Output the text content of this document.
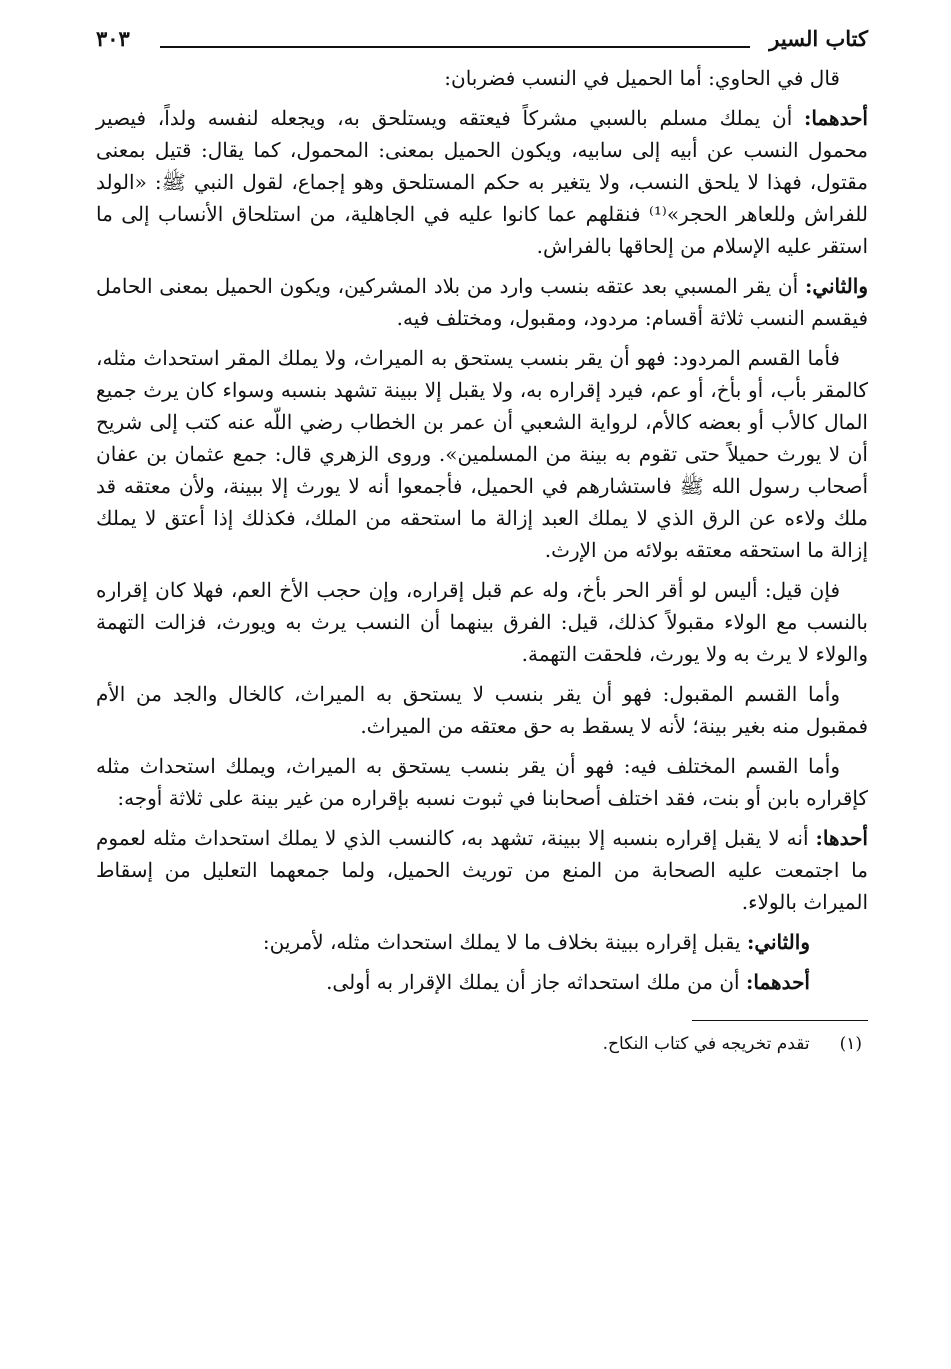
كتاب السير
٣٠٣

قال في الحاوي: أما الحميل في النسب فضربان:

أحدهما: أن يملك مسلم بالسبي مشركاً فيعتقه ويستلحق به، ويجعله لنفسه ولداً، فيصير محمول النسب عن أبيه إلى سابيه، ويكون الحميل بمعنى: المحمول، كما يقال: قتيل بمعنى مقتول، فهذا لا يلحق النسب، ولا يتغير به حكم المستلحق وهو إجماع، لقول النبي ﷺ: «الولد للفراش وللعاهر الحجر»⁽¹⁾ فنقلهم عما كانوا عليه في الجاهلية، من استلحاق الأنساب إلى ما استقر عليه الإسلام من إلحاقها بالفراش.

والثاني: أن يقر المسبي بعد عتقه بنسب وارد من بلاد المشركين، ويكون الحميل بمعنى الحامل فيقسم النسب ثلاثة أقسام: مردود، ومقبول، ومختلف فيه.

فأما القسم المردود: فهو أن يقر بنسب يستحق به الميراث، ولا يملك المقر استحداث مثله، كالمقر بأب، أو بأخ، أو عم، فيرد إقراره به، ولا يقبل إلا ببينة تشهد بنسبه وسواء كان يرث جميع المال كالأب أو بعضه كالأم، لرواية الشعبي أن عمر بن الخطاب رضي اللّه عنه كتب إلى شريح أن لا يورث حميلاً حتى تقوم به بينة من المسلمين». وروى الزهري قال: جمع عثمان بن عفان أصحاب رسول الله ﷺ فاستشارهم في الحميل، فأجمعوا أنه لا يورث إلا ببينة، ولأن معتقه قد ملك ولاءه عن الرق الذي لا يملك العبد إزالة ما استحقه من الملك، فكذلك إذا أعتق لا يملك إزالة ما استحقه معتقه بولائه من الإرث.

فإن قيل: أليس لو أقر الحر بأخ، وله عم قبل إقراره، وإن حجب الأخ العم، فهلا كان إقراره بالنسب مع الولاء مقبولاً كذلك، قيل: الفرق بينهما أن النسب يرث به ويورث، فزالت التهمة والولاء لا يرث به ولا يورث، فلحقت التهمة.

وأما القسم المقبول: فهو أن يقر بنسب لا يستحق به الميراث، كالخال والجد من الأم فمقبول منه بغير بينة؛ لأنه لا يسقط به حق معتقه من الميراث.

وأما القسم المختلف فيه: فهو أن يقر بنسب يستحق به الميراث، ويملك استحداث مثله كإقراره بابن أو بنت، فقد اختلف أصحابنا في ثبوت نسبه بإقراره من غير بينة على ثلاثة أوجه:

أحدها: أنه لا يقبل إقراره بنسبه إلا ببينة، تشهد به، كالنسب الذي لا يملك استحداث مثله لعموم ما اجتمعت عليه الصحابة من المنع من توريث الحميل، ولما جمعهما التعليل من إسقاط الميراث بالولاء.

والثاني: يقبل إقراره ببينة بخلاف ما لا يملك استحداث مثله، لأمرين:

أحدهما: أن من ملك استحداثه جاز أن يملك الإقرار به أولى.

(١)تقدم تخريجه في كتاب النكاح.
